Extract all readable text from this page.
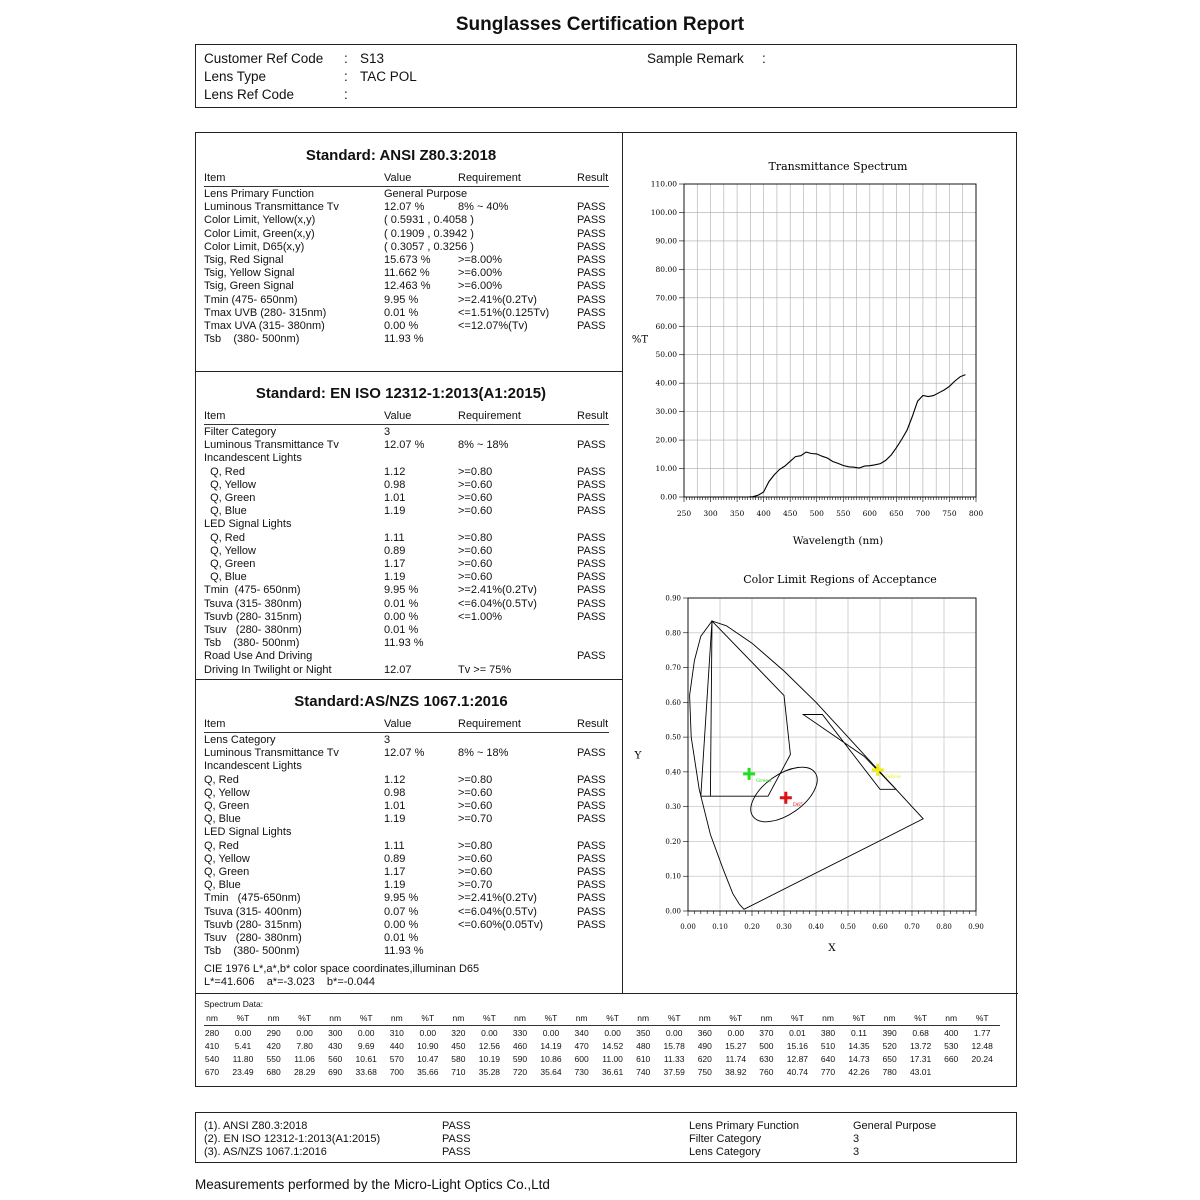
Sunglasses Certification Report
Customer Ref Code : S13
Lens Type	: TAC POL
Lens Ref Code	:
Sample Remark :
Standard: ANSI Z80.3:2018
Item	Value	Requirement	Result
Lens Primary Function	General Purpose
Luminous Transmittance Tv	12.07 %	8% ~ 40%	PASS
Color Limit, Yellow(x,y)	( 0.5931 , 0.4058 )	PASS
Color Limit, Green(x,y)	( 0.1909 , 0.3942 )	PASS
Color Limit, D65(x,y)	( 0.3057 , 0.3256 )	PASS
Tsig, Red Signal	15.673 %	>=8.00%	PASS
Tsig, Yellow Signal	11.662 %	>=6.00%	PASS
Tsig, Green Signal	12.463 %	>=6.00%	PASS
Tmin (475- 650nm)	9.95 %	>=2.41%(0.2Tv)	PASS
Tmax UVB (280- 315nm)	0.01 %	<=1.51%(0.125Tv)	PASS
Tmax UVA (315- 380nm)	0.00 %	<=12.07%(Tv)	PASS
Tsb    (380- 500nm)	11.93 %
Standard: EN ISO 12312-1:2013(A1:2015)
Item	Value	Requirement	Result
Filter Category	3
Luminous Transmittance Tv	12.07 %	8% ~ 18%	PASS
Incandescent Lights
Q, Red	1.12	>=0.80	PASS
Q, Yellow	0.98	>=0.60	PASS
Q, Green	1.01	>=0.60	PASS
Q, Blue	1.19	>=0.60	PASS
LED Signal Lights
Q, Red	1.11	>=0.80	PASS
Q, Yellow	0.89	>=0.60	PASS
Q, Green	1.17	>=0.60	PASS
Q, Blue	1.19	>=0.60	PASS
Tmin  (475- 650nm)	9.95 %	>=2.41%(0.2Tv)	PASS
Tsuva (315- 380nm)	0.01 %	<=6.04%(0.5Tv)	PASS
Tsuvb (280- 315nm)	0.00 %	<=1.00%	PASS
Tsuv   (280- 380nm)	0.01 %
Tsb    (380- 500nm)	11.93 %
Road Use And Driving	PASS
Driving In Twilight or Night	12.07	Tv >= 75%
Standard:AS/NZS 1067.1:2016
Item	Value	Requirement	Result
Lens Category	3
Luminous Transmittance Tv	12.07 %	8% ~ 18%	PASS
Incandescent Lights
Q, Red	1.12	>=0.80	PASS
Q, Yellow	0.98	>=0.60	PASS
Q, Green	1.01	>=0.60	PASS
Q, Blue	1.19	>=0.70	PASS
LED Signal Lights
Q, Red	1.11	>=0.80	PASS
Q, Yellow	0.89	>=0.60	PASS
Q, Green	1.17	>=0.60	PASS
Q, Blue	1.19	>=0.70	PASS
Tmin   (475-650nm)	9.95 %	>=2.41%(0.2Tv)	PASS
Tsuva (315- 400nm)	0.07 %	<=6.04%(0.5Tv)	PASS
Tsuvb (280- 315nm)	0.00 %	<=0.60%(0.05Tv)	PASS
Tsuv   (280- 380nm)	0.01 %
Tsb    (380- 500nm)	11.93 %
CIE 1976 L*,a*,b* color space coordinates,illuminan D65
L*=41.606    a*=-3.023    b*=-0.044
Transmittance Spectrum
250 300 350 400 450 500 550 600 650 700 750 800
0.00
10.00
20.00
30.00
40.00
50.00
60.00
70.00
80.00
90.00
100.00
110.00
%T
Wavelength (nm)
Color Limit Regions of Acceptance
0.00
0.00
0.10
0.10
0.20
0.20
0.30
0.30
0.40
0.40
0.50
0.50
0.60
0.60
0.70
0.70
0.80
0.80
0.90
0.90
Green
D65
Yellow
Y
X
Spectrum Data:
nm	%T	nm	%T	nm	%T	nm	%T	nm	%T	nm	%T	nm	%T	nm	%T	nm	%T	nm	%T	nm	%T	nm	%T	nm	%T
280	0.00	290	0.00	300	0.00	310	0.00	320	0.00	330	0.00	340	0.00	350	0.00	360	0.00	370	0.01	380	0.11	390	0.68	400	1.77
410	5.41	420	7.80	430	9.69	440	10.90	450	12.56	460	14.19	470	14.52	480	15.78	490	15.27	500	15.16	510	14.35	520	13.72	530	12.48
540	11.80	550	11.06	560	10.61	570	10.47	580	10.19	590	10.86	600	11.00	610	11.33	620	11.74	630	12.87	640	14.73	650	17.31	660	20.24
670	23.49	680	28.29	690	33.68	700	35.66	710	35.28	720	35.64	730	36.61	740	37.59	750	38.92	760	40.74	770	42.26	780	43.01
(1). ANSI Z80.3:2018	PASS
(2). EN ISO 12312-1:2013(A1:2015)	PASS
(3). AS/NZS 1067.1:2016	PASS
Lens Primary Function	General Purpose
Filter Category	3
Lens Category	3
Measurements performed by the Micro-Light Optics Co.,Ltd
